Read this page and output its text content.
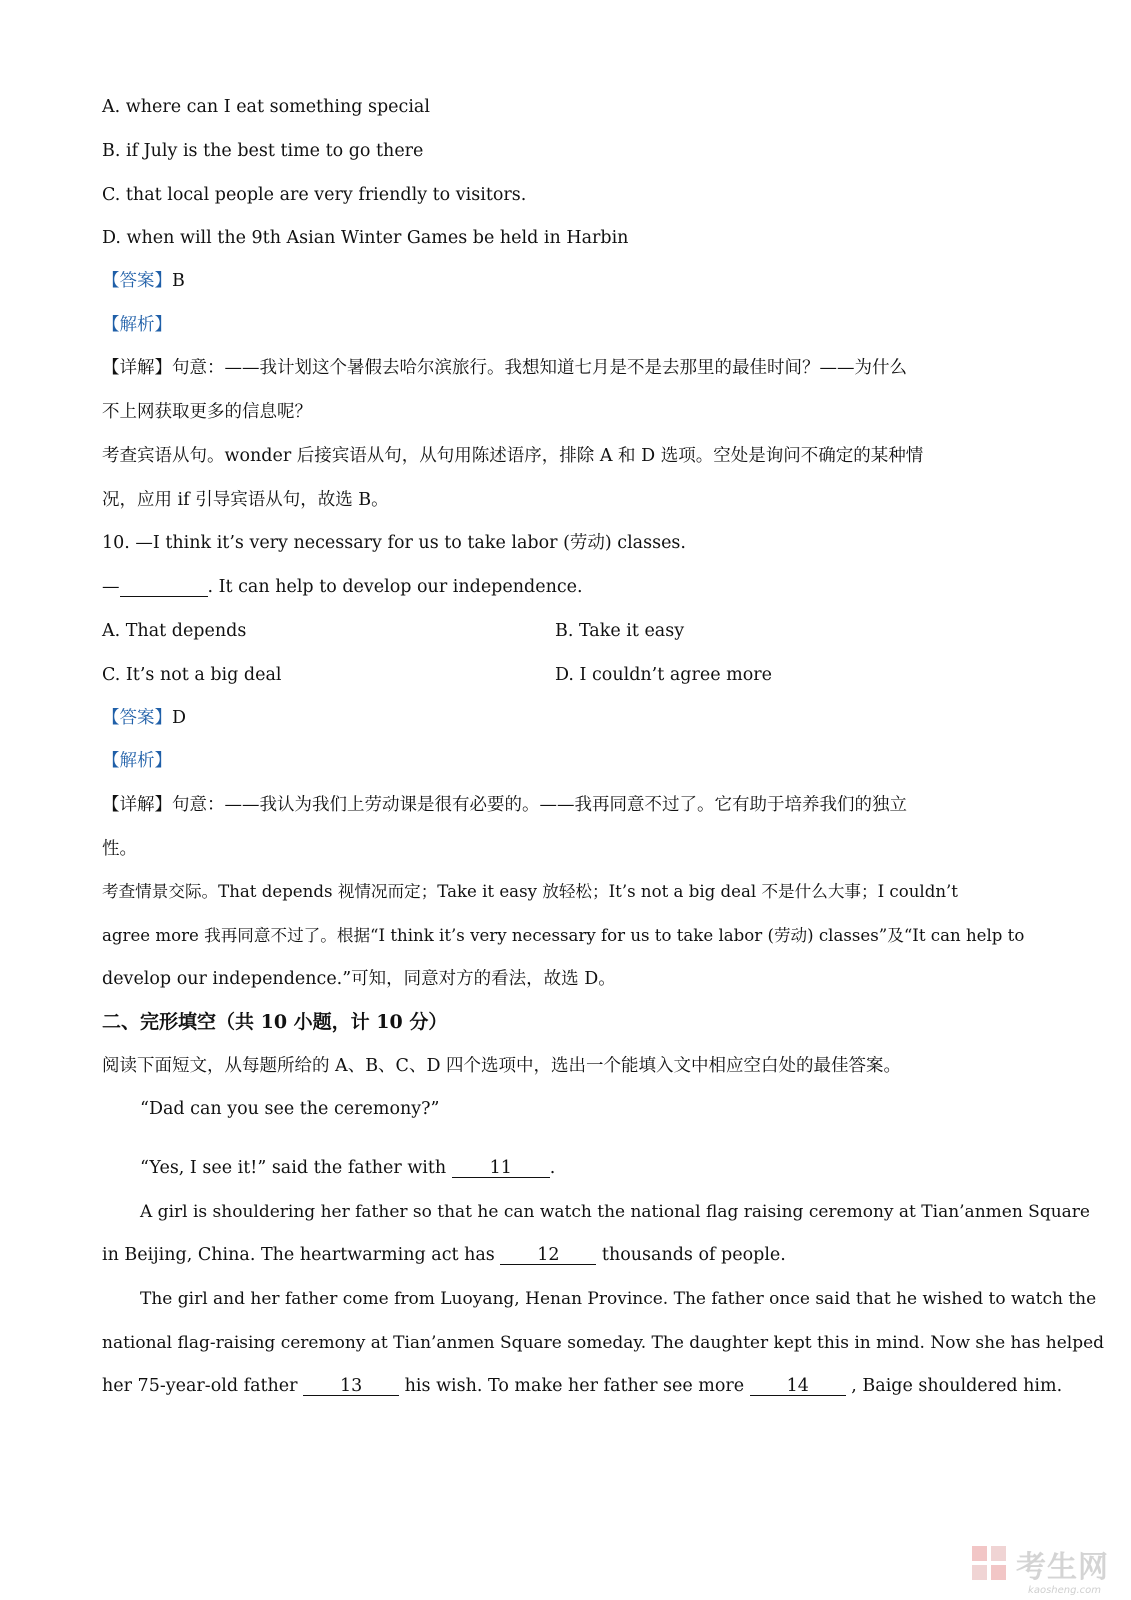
A. where can I eat something special
B. if July is the best time to go there
C. that local people are very friendly to visitors.
D. when will the 9th Asian Winter Games be held in Harbin
【答案】B
【解析】
【详解】句意：——我计划这个暑假去哈尔滨旅行。我想知道七月是不是去那里的最佳时间？——为什么
不上网获取更多的信息呢？
考查宾语从句。wonder 后接宾语从句，从句用陈述语序，排除 A 和 D 选项。空处是询问不确定的某种情
况，应用 if 引导宾语从句，故选 B。
10. —I think it’s very necessary for us to take labor (劳动) classes.
—	. It can help to develop our independence.
A. That depends	B. Take it easy
C. It’s not a big deal	D. I couldn’t agree more
【答案】D
【解析】
【详解】句意：——我认为我们上劳动课是很有必要的。——我再同意不过了。它有助于培养我们的独立
性。
考查情景交际。That depends 视情况而定；Take it easy 放轻松；It’s not a big deal 不是什么大事；I couldn’t
agree more 我再同意不过了。根据“I think it’s very necessary for us to take labor (劳动) classes”及“It can help to
develop our independence.”可知，同意对方的看法，故选 D。
二、完形填空（共 10 小题，计 10 分）
阅读下面短文，从每题所给的 A、B、C、D 四个选项中，选出一个能填入文中相应空白处的最佳答案。
“Dad can you see the ceremony?”
“Yes, I see it!” said the father with 11 .
A girl is shouldering her father so that he can watch the national flag raising ceremony at Tian’anmen Square
in Beijing, China. The heartwarming act has 12 thousands of people.
The girl and her father come from Luoyang, Henan Province. The father once said that he wished to watch the
national flag-raising ceremony at Tian’anmen Square someday. The daughter kept this in mind. Now she has helped
her 75-year-old father 13 his wish. To make her father see more 14 , Baige shouldered him.
考生网
kaosheng.com
